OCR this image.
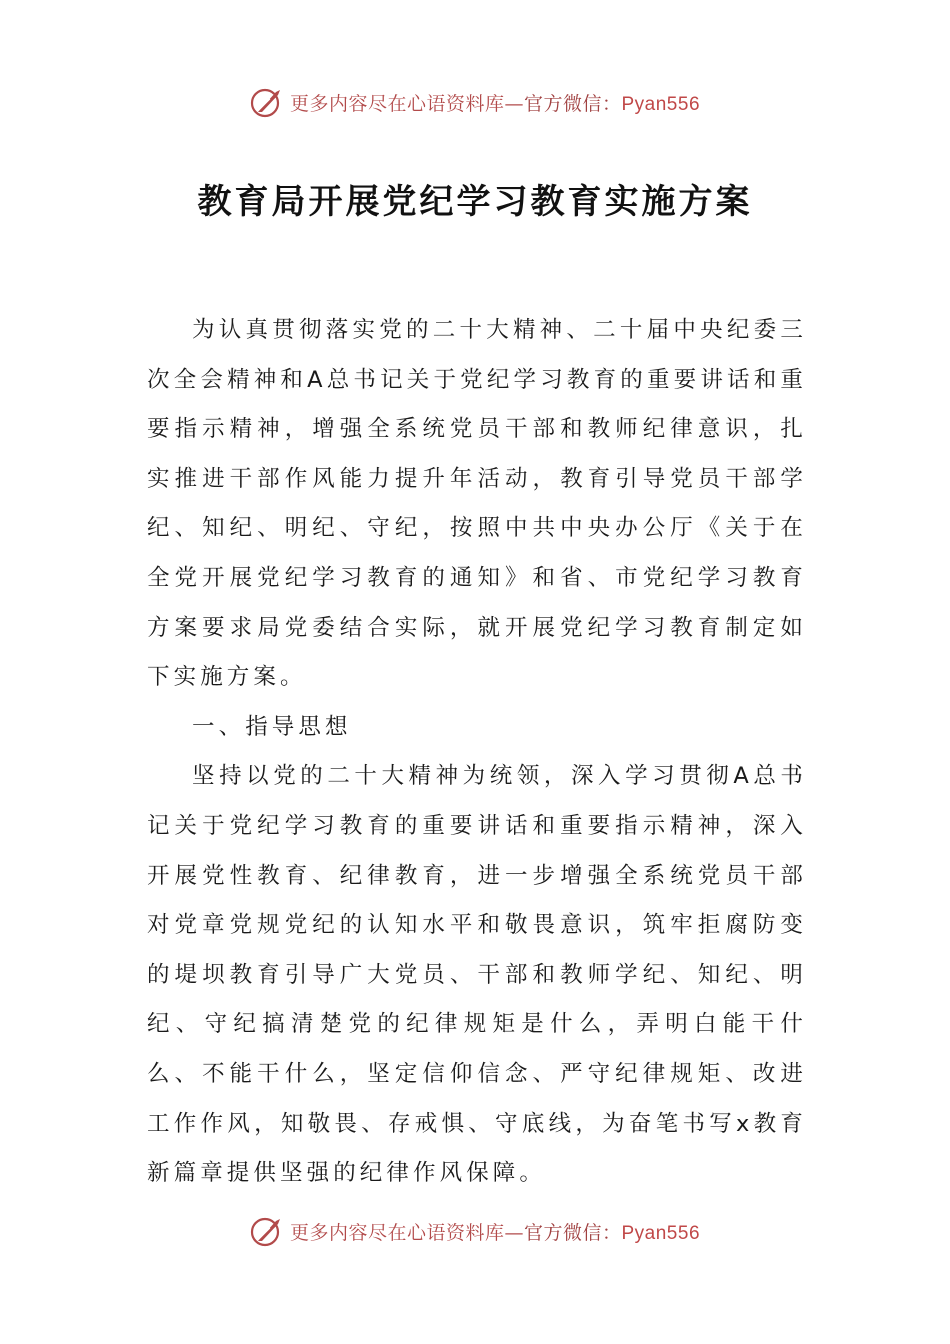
更多内容尽在心语资料库—官方微信：Pyan556
教育局开展党纪学习教育实施方案

为认真贯彻落实党的二十大精神、二十届中央纪委三次全会精神和A总书记关于党纪学习教育的重要讲话和重要指示精神，增强全系统党员干部和教师纪律意识，扎实推进干部作风能力提升年活动，教育引导党员干部学纪、知纪、明纪、守纪，按照中共中央办公厅《关于在全党开展党纪学习教育的通知》和省、市党纪学习教育方案要求局党委结合实际，就开展党纪学习教育制定如下实施方案。

一、指导思想

坚持以党的二十大精神为统领，深入学习贯彻A总书记关于党纪学习教育的重要讲话和重要指示精神，深入开展党性教育、纪律教育，进一步增强全系统党员干部对党章党规党纪的认知水平和敬畏意识，筑牢拒腐防变的堤坝教育引导广大党员、干部和教师学纪、知纪、明纪、守纪搞清楚党的纪律规矩是什么，弄明白能干什么、不能干什么，坚定信仰信念、严守纪律规矩、改进工作作风，知敬畏、存戒惧、守底线，为奋笔书写x教育新篇章提供坚强的纪律作风保障。

更多内容尽在心语资料库—官方微信：Pyan556
